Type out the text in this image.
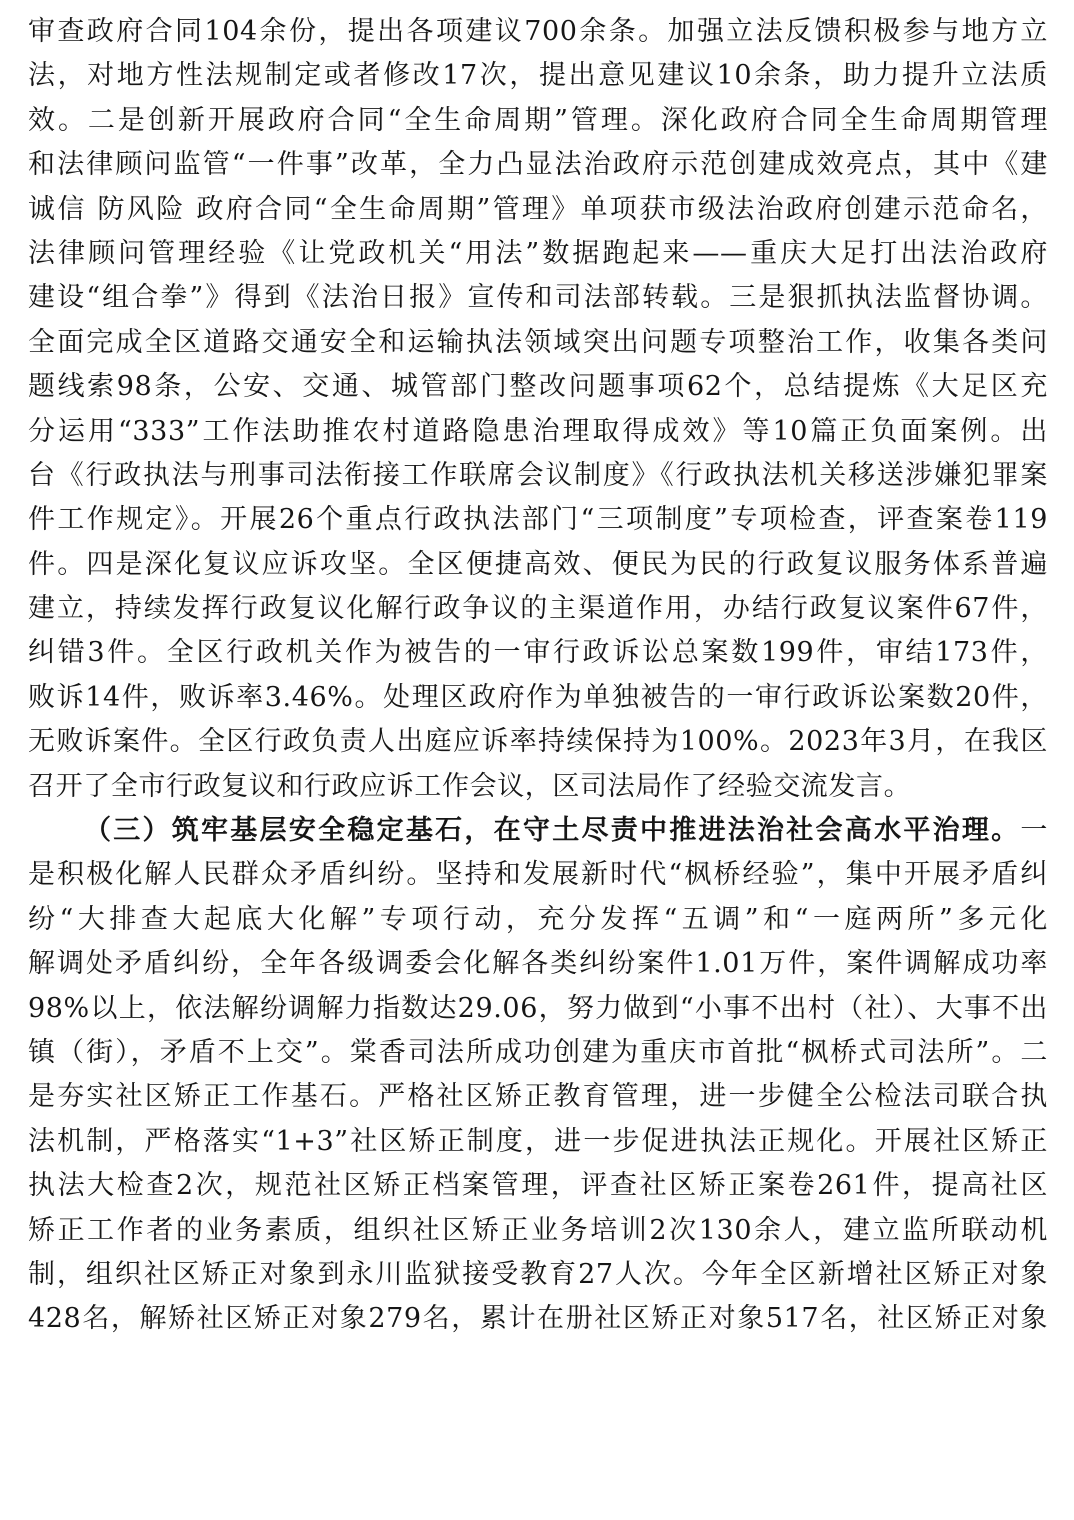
审查政府合同104余份，提出各项建议700余条。加强立法反馈积极参与地方立
法，对地方性法规制定或者修改17次，提出意见建议10余条，助力提升立法质
效。二是创新开展政府合同“全生命周期”管理。深化政府合同全生命周期管理
和法律顾问监管“一件事”改革，全力凸显法治政府示范创建成效亮点，其中《建
诚信 防风险 政府合同“全生命周期”管理》单项获市级法治政府创建示范命名，
法律顾问管理经验《让党政机关“用法”数据跑起来——重庆大足打出法治政府
建设“组合拳”》得到《法治日报》宣传和司法部转载。三是狠抓执法监督协调。
全面完成全区道路交通安全和运输执法领域突出问题专项整治工作，收集各类问
题线索98条，公安、交通、城管部门整改问题事项62个，总结提炼《大足区充
分运用“333”工作法助推农村道路隐患治理取得成效》等10篇正负面案例。出
台《行政执法与刑事司法衔接工作联席会议制度》《行政执法机关移送涉嫌犯罪案
件工作规定》。开展26个重点行政执法部门“三项制度”专项检查，评查案卷119
件。四是深化复议应诉攻坚。全区便捷高效、便民为民的行政复议服务体系普遍
建立，持续发挥行政复议化解行政争议的主渠道作用，办结行政复议案件67件，
纠错3件。全区行政机关作为被告的一审行政诉讼总案数199件，审结173件，
败诉14件，败诉率3.46%。处理区政府作为单独被告的一审行政诉讼案数20件，
无败诉案件。全区行政负责人出庭应诉率持续保持为100%。2023年3月，在我区
召开了全市行政复议和行政应诉工作会议，区司法局作了经验交流发言。
（三）筑牢基层安全稳定基石，在守土尽责中推进法治社会高水平治理。一
是积极化解人民群众矛盾纠纷。坚持和发展新时代“枫桥经验”，集中开展矛盾纠
纷“大排查大起底大化解”专项行动，充分发挥“五调”和“一庭两所”多元化
解调处矛盾纠纷，全年各级调委会化解各类纠纷案件1.01万件，案件调解成功率
98%以上，依法解纷调解力指数达29.06，努力做到“小事不出村（社）、大事不出
镇（街），矛盾不上交”。棠香司法所成功创建为重庆市首批“枫桥式司法所”。二
是夯实社区矫正工作基石。严格社区矫正教育管理，进一步健全公检法司联合执
法机制，严格落实“1+3”社区矫正制度，进一步促进执法正规化。开展社区矫正
执法大检查2次，规范社区矫正档案管理，评查社区矫正案卷261件，提高社区
矫正工作者的业务素质，组织社区矫正业务培训2次130余人，建立监所联动机
制，组织社区矫正对象到永川监狱接受教育27人次。今年全区新增社区矫正对象
428名，解矫社区矫正对象279名，累计在册社区矫正对象517名，社区矫正对象
